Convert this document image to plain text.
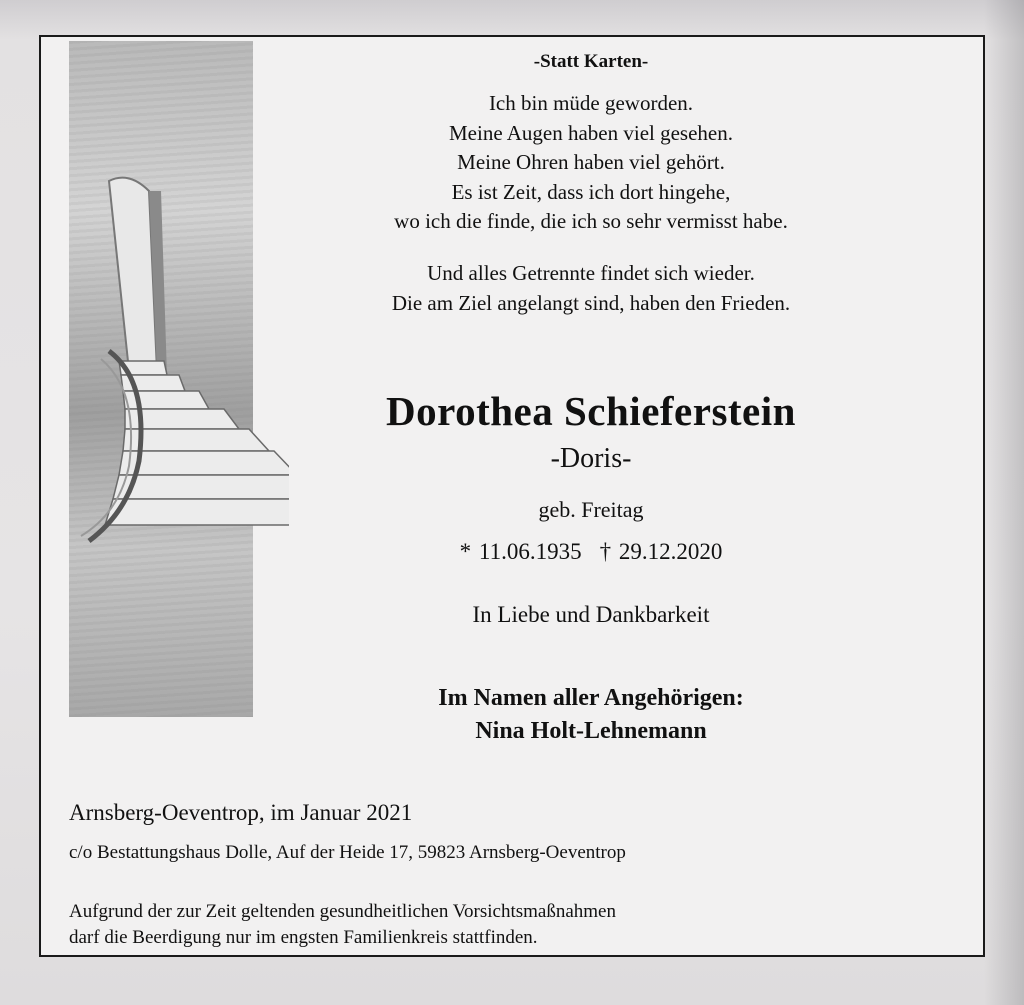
-Statt Karten-
Ich bin müde geworden.
Meine Augen haben viel gesehen.
Meine Ohren haben viel gehört.
Es ist Zeit, dass ich dort hingehe,
wo ich die finde, die ich so sehr vermisst habe.
Und alles Getrennte findet sich wieder.
Die am Ziel angelangt sind, haben den Frieden.
Dorothea Schieferstein
-Doris-
geb. Freitag
* 11.06.1935 † 29.12.2020
In Liebe und Dankbarkeit
Im Namen aller Angehörigen:
Nina Holt-Lehnemann
Arnsberg-Oeventrop, im Januar 2021
c/o Bestattungshaus Dolle, Auf der Heide 17, 59823 Arnsberg-Oeventrop
Aufgrund der zur Zeit geltenden gesundheitlichen Vorsichtsmaßnahmen
darf die Beerdigung nur im engsten Familienkreis stattfinden.
